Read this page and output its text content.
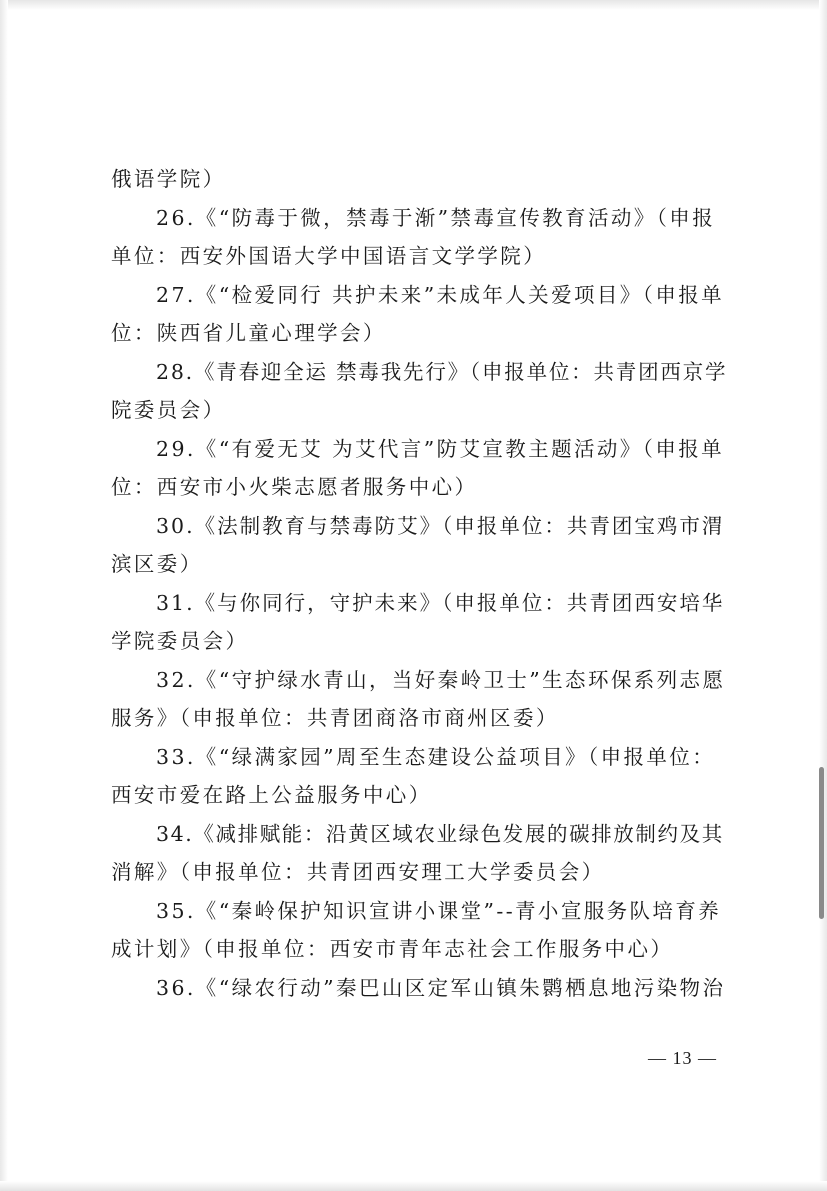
俄语学院）
26.《“防毒于微，禁毒于渐”禁毒宣传教育活动》（申报
单位：西安外国语大学中国语言文学学院）
27.《“检爱同行 共护未来”未成年人关爱项目》（申报单
位：陕西省儿童心理学会）
28.《青春迎全运 禁毒我先行》（申报单位：共青团西京学
院委员会）
29.《“有爱无艾 为艾代言”防艾宣教主题活动》（申报单
位：西安市小火柴志愿者服务中心）
30.《法制教育与禁毒防艾》（申报单位：共青团宝鸡市渭
滨区委）
31.《与你同行，守护未来》（申报单位：共青团西安培华
学院委员会）
32.《“守护绿水青山，当好秦岭卫士”生态环保系列志愿
服务》（申报单位：共青团商洛市商州区委）
33.《“绿满家园”周至生态建设公益项目》（申报单位：
西安市爱在路上公益服务中心）
34.《减排赋能：沿黄区域农业绿色发展的碳排放制约及其
消解》（申报单位：共青团西安理工大学委员会）
35.《“秦岭保护知识宣讲小课堂”--青小宣服务队培育养
成计划》（申报单位：西安市青年志社会工作服务中心）
36.《“绿农行动”秦巴山区定军山镇朱鹮栖息地污染物治
— 13 —
